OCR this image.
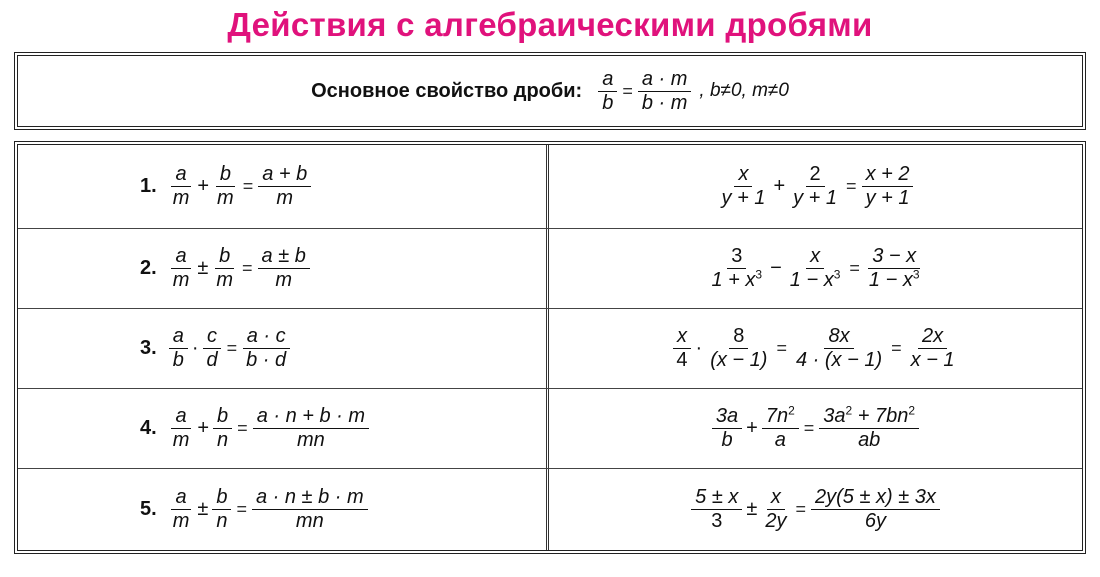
Действия с алгебраическими дробями
Основное свойство дроби: $\frac{a}{b} = \frac{a \cdot m}{b \cdot m}$ , b≠0, m≠0
1. $\frac{a}{m} + \frac{b}{m} = \frac{a + b}{m}$	$\frac{x}{y + 1} + \frac{2}{y + 1} = \frac{x + 2}{y + 1}$
2. $\frac{a}{m} \pm \frac{b}{m} = \frac{a \pm b}{m}$	$\frac{3}{1 + x^3} - \frac{x}{1 - x^3} = \frac{3 - x}{1 - x^3}$
3. $\frac{a}{b} \cdot \frac{c}{d} = \frac{a \cdot c}{b \cdot d}$	$\frac{x}{4} \cdot \frac{8}{(x - 1)} = \frac{8x}{4 \cdot (x - 1)} = \frac{2x}{x - 1}$
4. $\frac{a}{m} + \frac{b}{n} = \frac{a \cdot n + b \cdot m}{mn}$	$\frac{3a}{b} + \frac{7n^2}{a} = \frac{3a^2 + 7bn^2}{ab}$
5. $\frac{a}{m} \pm \frac{b}{n} = \frac{a \cdot n \pm b \cdot m}{mn}$	$\frac{5 \pm x}{3} \pm \frac{x}{2y} = \frac{2y(5 \pm x) \pm 3x}{6y}$
